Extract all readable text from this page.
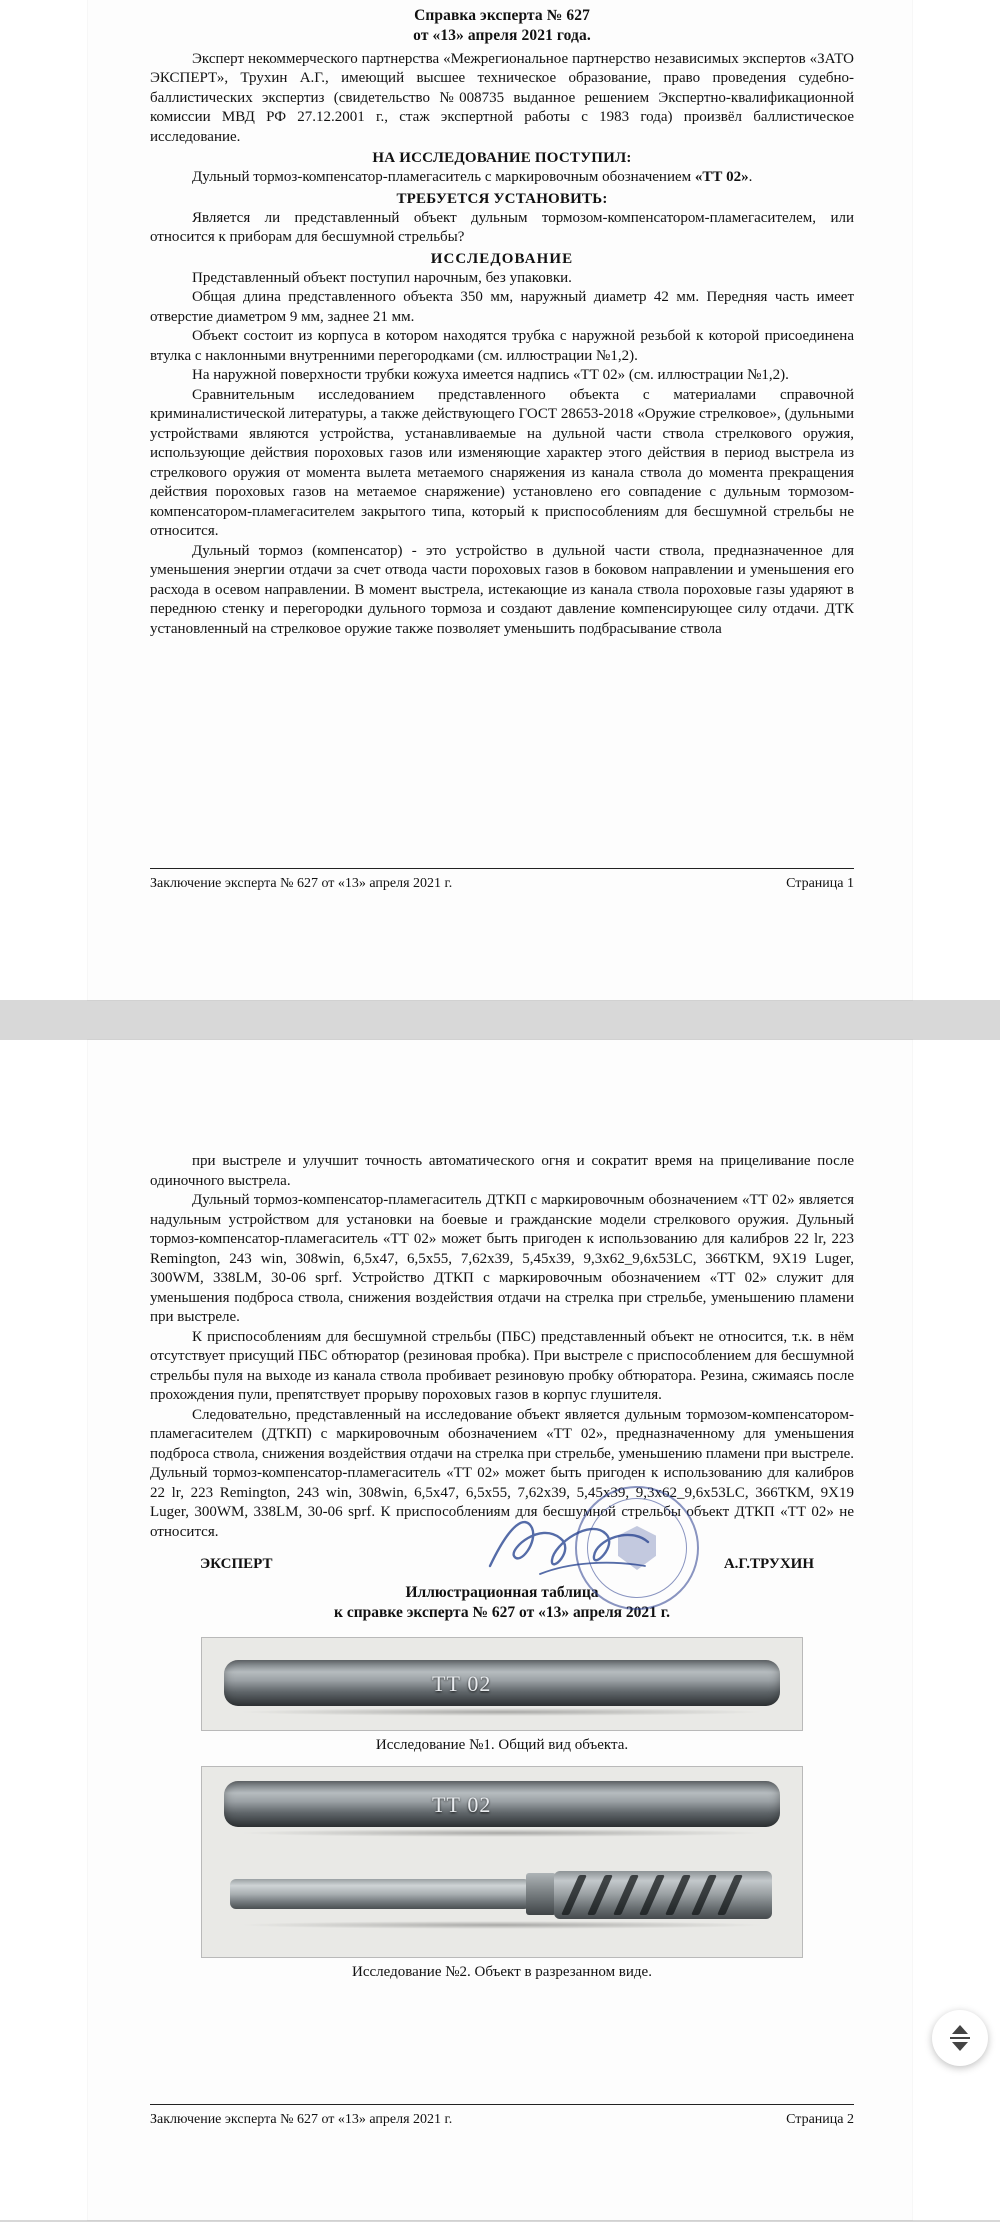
Справка эксперта № 627
от «13» апреля 2021 года.

Эксперт некоммерческого партнерства «Межрегиональное партнерство независимых экспертов «ЗАТО ЭКСПЕРТ», Трухин А.Г., имеющий высшее техническое образование, право проведения судебно-баллистических экспертиз (свидетельство №008735 выданное решением Экспертно-квалификационной комиссии МВД РФ 27.12.2001 г., стаж экспертной работы с 1983 года) произвёл баллистическое исследование.

НА ИССЛЕДОВАНИЕ ПОСТУПИЛ:

Дульный тормоз-компенсатор-пламегаситель с маркировочным обозначением «ТТ 02».

ТРЕБУЕТСЯ УСТАНОВИТЬ:

Является ли представленный объект дульным тормозом-компенсатором-пламегасителем, или относится к приборам для бесшумной стрельбы?

ИССЛЕДОВАНИЕ

Представленный объект поступил нарочным, без упаковки.

Общая длина представленного объекта 350 мм, наружный диаметр 42 мм. Передняя часть имеет отверстие диаметром 9 мм, заднее 21 мм.

Объект состоит из корпуса в котором находятся трубка с наружной резьбой к которой присоединена втулка с наклонными внутренними перегородками (см. иллюстрации №1,2).

На наружной поверхности трубки кожуха имеется надпись «ТТ 02» (см. иллюстрации №1,2).

Сравнительным исследованием представленного объекта с материалами справочной криминалистической литературы, а также действующего ГОСТ 28653-2018 «Оружие стрелковое», (дульными устройствами являются устройства, устанавливаемые на дульной части ствола стрелкового оружия, использующие действия пороховых газов или изменяющие характер этого действия в период выстрела из стрелкового оружия от момента вылета метаемого снаряжения из канала ствола до момента прекращения действия пороховых газов на метаемое снаряжение) установлено его совпадение с дульным тормозом-компенсатором-пламегасителем закрытого типа, который к приспособлениям для бесшумной стрельбы не относится.

Дульный тормоз (компенсатор) - это устройство в дульной части ствола, предназначенное для уменьшения энергии отдачи за счет отвода части пороховых газов в боковом направлении и уменьшения его расхода в осевом направлении. В момент выстрела, истекающие из канала ствола пороховые газы ударяют в переднюю стенку и перегородки дульного тормоза и создают давление компенсирующее силу отдачи. ДТК установленный на стрелковое оружие также позволяет уменьшить подбрасывание ствола

Заключение эксперта № 627 от «13» апреля 2021 г.	Страница 1

при выстреле и улучшит точность автоматического огня и сократит время на прицеливание после одиночного выстрела.

Дульный тормоз-компенсатор-пламегаситель ДТКП с маркировочным обозначением «ТТ 02» является надульным устройством для установки на боевые и гражданские модели стрелкового оружия. Дульный тормоз-компенсатор-пламегаситель «ТТ 02» может быть пригоден к использованию для калибров 22 lr, 223 Remington, 243 win, 308win, 6,5x47, 6,5x55, 7,62x39, 5,45x39, 9,3x62_9,6x53LC, 366ТКМ, 9X19 Luger, 300WM, 338LM, 30-06 sprf. Устройство ДТКП с маркировочным обозначением «ТТ 02» служит для уменьшения подброса ствола, снижения воздействия отдачи на стрелка при стрельбе, уменьшению пламени при выстреле.

К приспособлениям для бесшумной стрельбы (ПБС) представленный объект не относится, т.к. в нём отсутствует присущий ПБС обтюратор (резиновая пробка). При выстреле с приспособлением для бесшумной стрельбы пуля на выходе из канала ствола пробивает резиновую пробку обтюратора. Резина, сжимаясь после прохождения пули, препятствует прорыву пороховых газов в корпус глушителя.

Следовательно, представленный на исследование объект является дульным тормозом-компенсатором-пламегасителем (ДТКП) с маркировочным обозначением «ТТ 02», предназначенному для уменьшения подброса ствола, снижения воздействия отдачи на стрелка при стрельбе, уменьшению пламени при выстреле. Дульный тормоз-компенсатор-пламегаситель «ТТ 02» может быть пригоден к использованию для калибров 22 lr, 223 Remington, 243 win, 308win, 6,5x47, 6,5x55, 7,62x39, 5,45x39, 9,3x62_9,6x53LC, 366ТКМ, 9X19 Luger, 300WM, 338LM, 30-06 sprf. К приспособлениям для бесшумной стрельбы объект ДТКП «ТТ 02» не относится.

ЭКСПЕРТ	А.Г.ТРУХИН
Иллюстрационная таблица
к справке эксперта № 627 от «13» апреля 2021 г.
ТТ 02
Исследование №1. Общий вид объекта.
ТТ 02
Исследование №2. Объект в разрезанном виде.
Заключение эксперта № 627 от «13» апреля 2021 г.	Страница 2
